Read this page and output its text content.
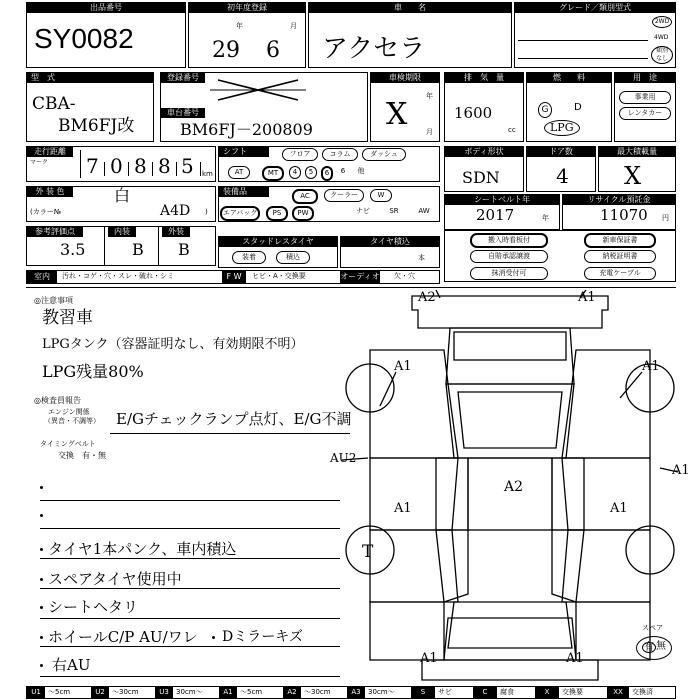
出品番号
SY0082
初年度登録
年	月
29 6
車　　名
アクセラ
グレード／類別型式
2WD
4WD
類別
なし
型　式
CBA-
BM6FJ改
登録番号
車台番号
BM6FJ－200809
車検期限
年
月
X
排　気　量
1600
cc
燃　　料
G	D
LPG
用　途
事業用
レンタカー
走行距離
マーク 7 0 8 8 5 km
シフト	フロア	コラム	ダッシュ
AT	MT	4	5	6	6	他
ボディ形状
SDN
ドア数
4
最大積載量
X
外 装 色	白
(カラー№	A4D )
装備品	AC	クーラー	W
エアバッグ	PS	PW	ナビ	SR	AW
シートベルト年
2017	年
リサイクル預託金
11070 円
参考評価点	内装	外装
3.5	B B	スタッドレスタイヤ
装着	積込
タイヤ積込
本
搬入時看板付	新車保証書
自賠承認譲渡	納税証明書
抹消受付可	充電ケーブル
室内	汚れ・コゲ・穴・スレ・破れ・シミ	F W	ヒビ・A・交換要	オーディオ 欠・穴
◎注意事項
教習車
LPGタンク（容器証明なし、有効期限不明）
LPG残量80%
◎検査員報告
エンジン関係
（異音・不調等） E/Gチェックランプ点灯、E/G不調
タイミングベルト
交換　有・無
タイヤ1本パンク、車内積込
スペアタイヤ使用中
シートヘタリ
ホイールC/P AU/ワレ Dミラーキズ
右AU
A2	A1
A1	A1
AU2
A1
A2
A1	A1
T
A1	A1
スペア
有 無
U1	～5cm	U2	～30cm	U3	30cm～	A1	～5cm	A2	～30cm	A3	30cm～	S	サビ	C	腐食	X	交換要	XX	交換済
